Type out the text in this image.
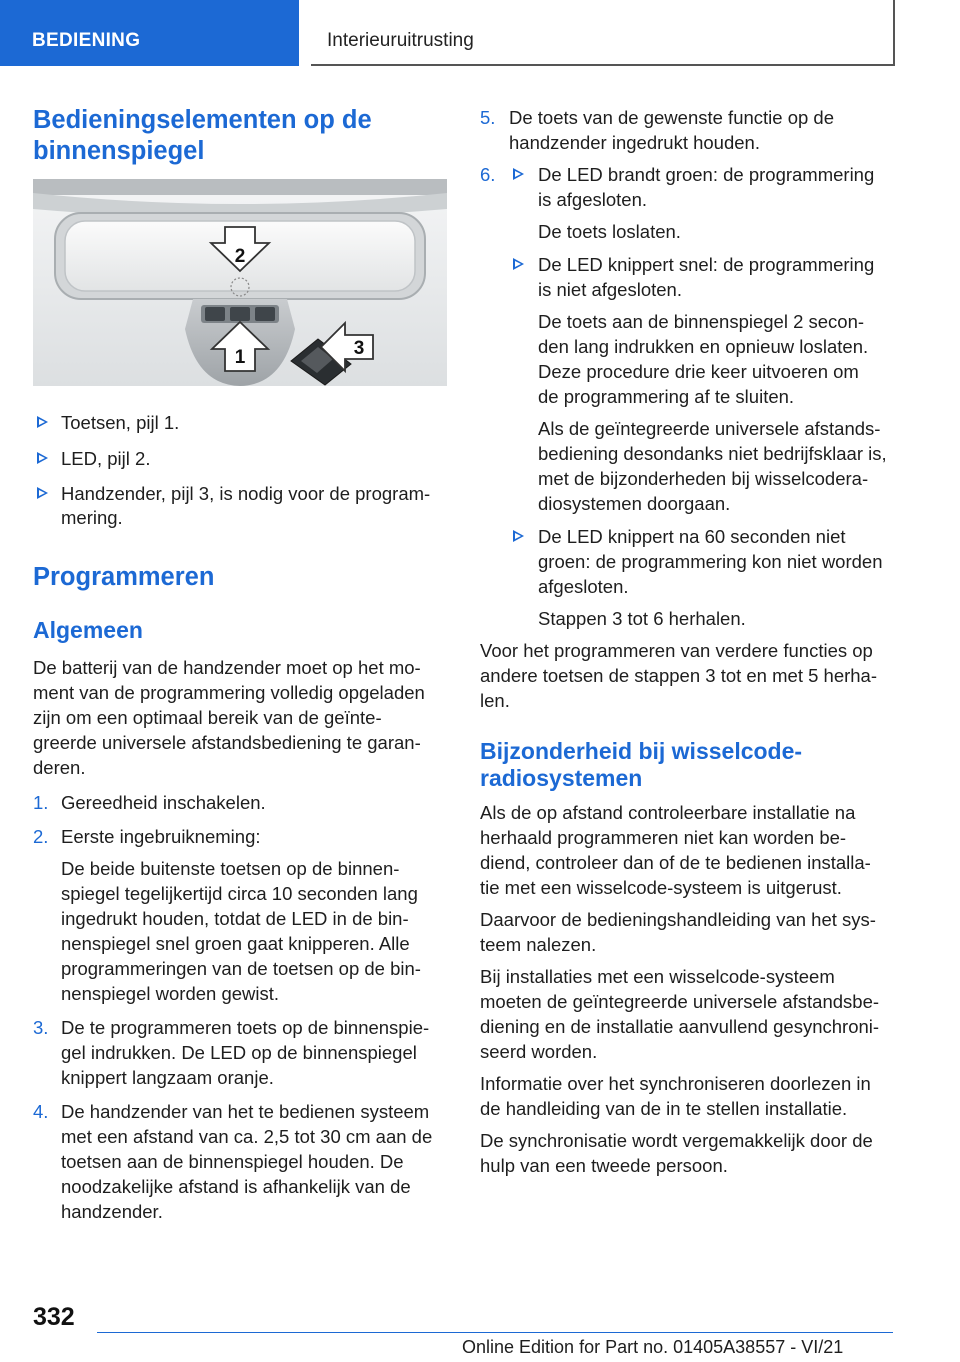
BEDIENING	Interieuruitrusting
Bedieningselementen op de
binnenspiegel
2
1	3
Toetsen, pijl 1.
LED, pijl 2.
Handzender, pijl 3, is nodig voor de program-
mering.
Programmeren
Algemeen
De batterij van de handzender moet op het mo-
ment van de programmering volledig opgeladen
zijn om een optimaal bereik van de geïnte-
greerde universele afstandsbediening te garan-
deren.
1. Gereedheid inschakelen.
2. Eerste ingebruikneming:
De beide buitenste toetsen op de binnen-
spiegel tegelijkertijd circa 10 seconden lang
ingedrukt houden, totdat de LED in de bin-
nenspiegel snel groen gaat knipperen. Alle
programmeringen van de toetsen op de bin-
nenspiegel worden gewist.
3. De te programmeren toets op de binnenspie-
gel indrukken. De LED op de binnenspiegel
knippert langzaam oranje.
4. De handzender van het te bedienen systeem
met een afstand van ca. 2,5 tot 30 cm aan de
toetsen aan de binnenspiegel houden. De
noodzakelijke afstand is afhankelijk van de
handzender.
5. De toets van de gewenste functie op de
handzender ingedrukt houden.
6. De LED brandt groen: de programmering
is afgesloten.
De toets loslaten.
De LED knippert snel: de programmering
is niet afgesloten.
De toets aan de binnenspiegel 2 secon-
den lang indrukken en opnieuw loslaten.
Deze procedure drie keer uitvoeren om
de programmering af te sluiten.
Als de geïntegreerde universele afstands-
bediening desondanks niet bedrijfsklaar is,
met de bijzonderheden bij wisselcodera-
diosystemen doorgaan.
De LED knippert na 60 seconden niet
groen: de programmering kon niet worden
afgesloten.
Stappen 3 tot 6 herhalen.
Voor het programmeren van verdere functies op
andere toetsen de stappen 3 tot en met 5 herha-
len.
Bijzonderheid bij wisselcode-
radiosystemen
Als de op afstand controleerbare installatie na
herhaald programmeren niet kan worden be-
diend, controleer dan of de te bedienen installa-
tie met een wisselcode-systeem is uitgerust.
Daarvoor de bedieningshandleiding van het sys-
teem nalezen.
Bij installaties met een wisselcode-systeem
moeten de geïntegreerde universele afstandsbe-
diening en de installatie aanvullend gesynchroni-
seerd worden.
Informatie over het synchroniseren doorlezen in
de handleiding van de in te stellen installatie.
De synchronisatie wordt vergemakkelijk door de
hulp van een tweede persoon.
332
Online Edition for Part no. 01405A38557 - VI/21
